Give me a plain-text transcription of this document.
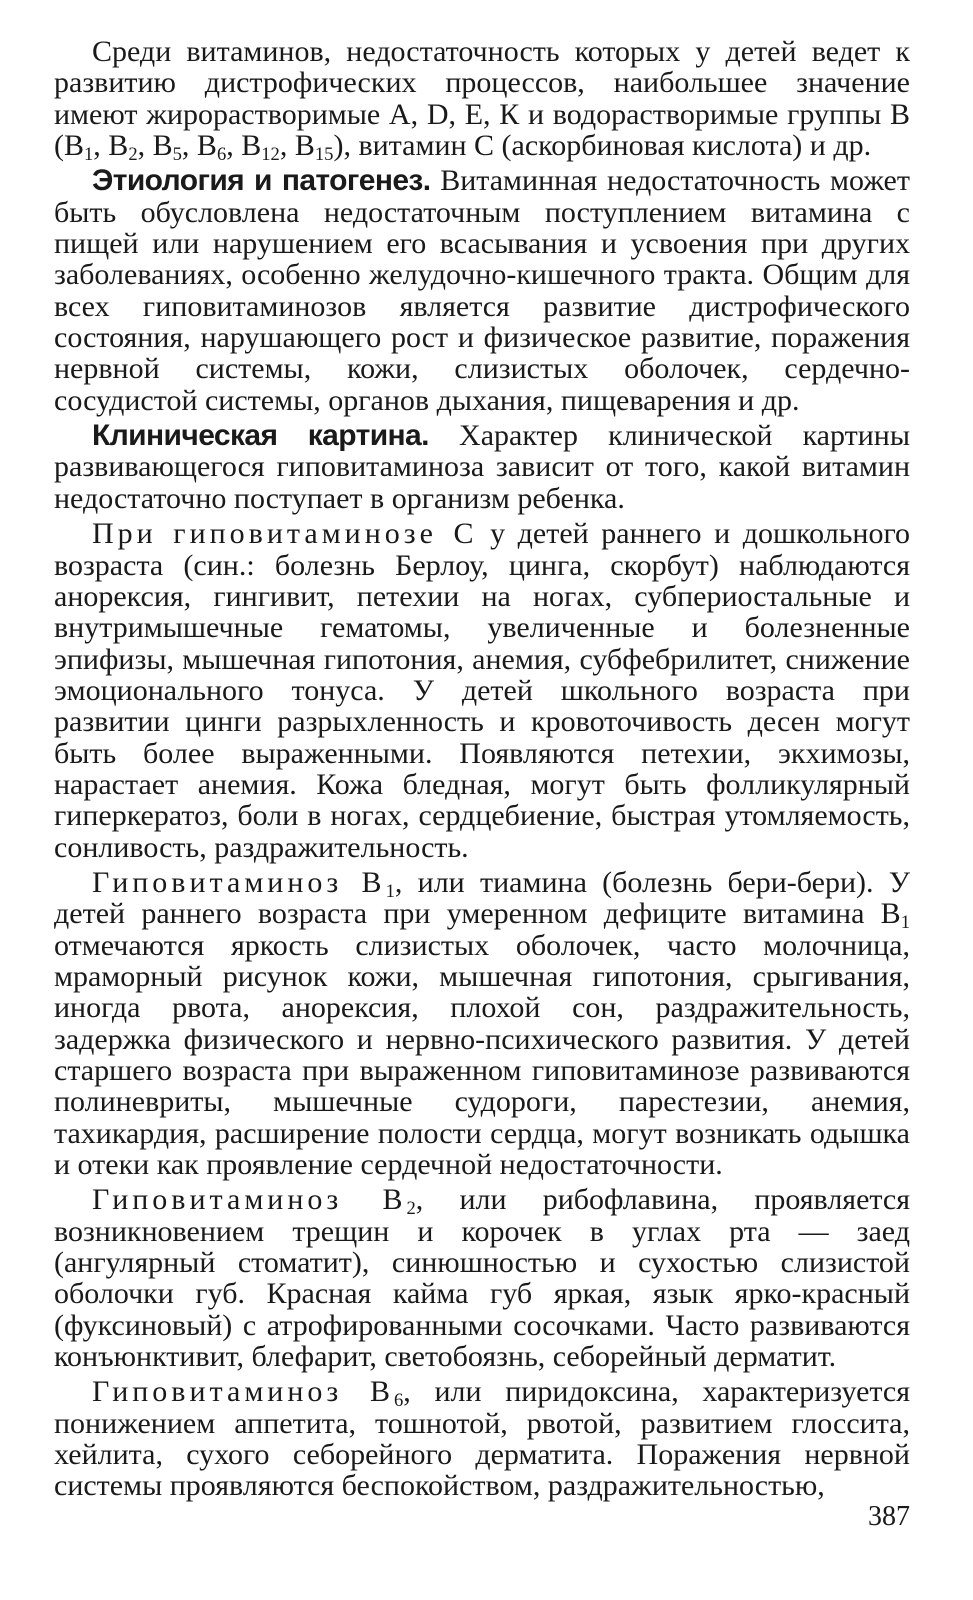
Среди витаминов, недостаточность которых у детей ведет к развитию дистрофических процессов, наибольшее значение имеют жирорастворимые А, D, Е, К и водорастворимые группы В ($B_1$, $B_2$, $B_5$, $B_6$, $B_{12}$, $B_{15}$), витамин С (аскорбиновая кислота) и др.

Этиология и патогенез. Витаминная недостаточность может быть обусловлена недостаточным поступлением витамина с пищей или нарушением его всасывания и усвоения при других заболеваниях, особенно желудочно-кишечного тракта. Общим для всех гиповитаминозов является развитие дистрофического состояния, нарушающего рост и физическое развитие, поражения нервной системы, кожи, слизистых оболочек, сердечно-сосудистой системы, органов дыхания, пищеварения и др.

Клиническая картина. Характер клинической картины развивающегося гиповитаминоза зависит от того, какой витамин недостаточно поступает в организм ребенка.

При гиповитаминозе С у детей раннего и дошкольного возраста (син.: болезнь Берлоу, цинга, скорбут) наблюдаются анорексия, гингивит, петехии на ногах, субпериостальные и внутримышечные гематомы, увеличенные и болезненные эпифизы, мышечная гипотония, анемия, субфебрилитет, снижение эмоционального тонуса. У детей школьного возраста при развитии цинги разрыхленность и кровоточивость десен могут быть более выраженными. Появляются петехии, экхимозы, нарастает анемия. Кожа бледная, могут быть фолликулярный гиперкератоз, боли в ногах, сердцебиение, быстрая утомляемость, сонливость, раздражительность.

Гиповитаминоз $B_1$, или тиамина (болезнь бери-бери). У детей раннего возраста при умеренном дефиците витамина $B_1$ отмечаются яркость слизистых оболочек, часто молочница, мраморный рисунок кожи, мышечная гипотония, срыгивания, иногда рвота, анорексия, плохой сон, раздражительность, задержка физического и нервно-психического развития. У детей старшего возраста при выраженном гиповитаминозе развиваются полиневриты, мышечные судороги, парестезии, анемия, тахикардия, расширение полости сердца, могут возникать одышка и отеки как проявление сердечной недостаточности.

Гиповитаминоз $B_2$, или рибофлавина, проявляется возникновением трещин и корочек в углах рта — заед (ангулярный стоматит), синюшностью и сухостью слизистой оболочки губ. Красная кайма губ яркая, язык ярко-красный (фуксиновый) с атрофированными сосочками. Часто развиваются конъюнктивит, блефарит, светобоязнь, себорейный дерматит.

Гиповитаминоз $B_6$, или пиридоксина, характеризуется понижением аппетита, тошнотой, рвотой, развитием глоссита, хейлита, сухого себорейного дерматита. Поражения нервной системы проявляются беспокойством, раздражительностью,

387
